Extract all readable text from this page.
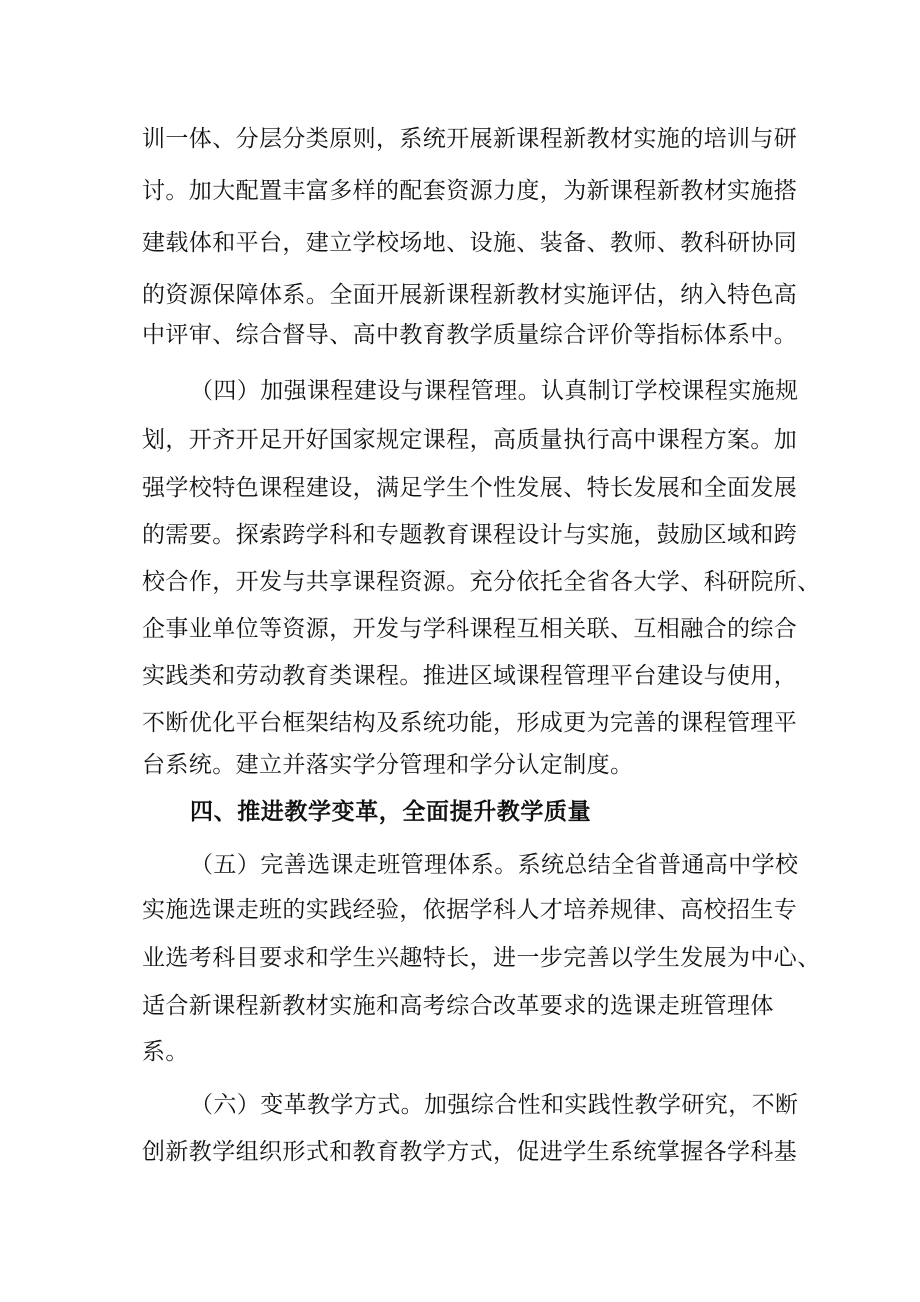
训一体、分层分类原则，系统开展新课程新教材实施的培训与研
讨。加大配置丰富多样的配套资源力度，为新课程新教材实施搭
建载体和平台，建立学校场地、设施、装备、教师、教科研协同
的资源保障体系。全面开展新课程新教材实施评估，纳入特色高
中评审、综合督导、高中教育教学质量综合评价等指标体系中。
（四）加强课程建设与课程管理。认真制订学校课程实施规
划，开齐开足开好国家规定课程，高质量执行高中课程方案。加
强学校特色课程建设，满足学生个性发展、特长发展和全面发展
的需要。探索跨学科和专题教育课程设计与实施，鼓励区域和跨
校合作，开发与共享课程资源。充分依托全省各大学、科研院所、
企事业单位等资源，开发与学科课程互相关联、互相融合的综合
实践类和劳动教育类课程。推进区域课程管理平台建设与使用，
不断优化平台框架结构及系统功能，形成更为完善的课程管理平
台系统。建立并落实学分管理和学分认定制度。
四、推进教学变革，全面提升教学质量
（五）完善选课走班管理体系。系统总结全省普通高中学校
实施选课走班的实践经验，依据学科人才培养规律、高校招生专
业选考科目要求和学生兴趣特长，进一步完善以学生发展为中心、
适合新课程新教材实施和高考综合改革要求的选课走班管理体
系。
（六）变革教学方式。加强综合性和实践性教学研究，不断
创新教学组织形式和教育教学方式，促进学生系统掌握各学科基
